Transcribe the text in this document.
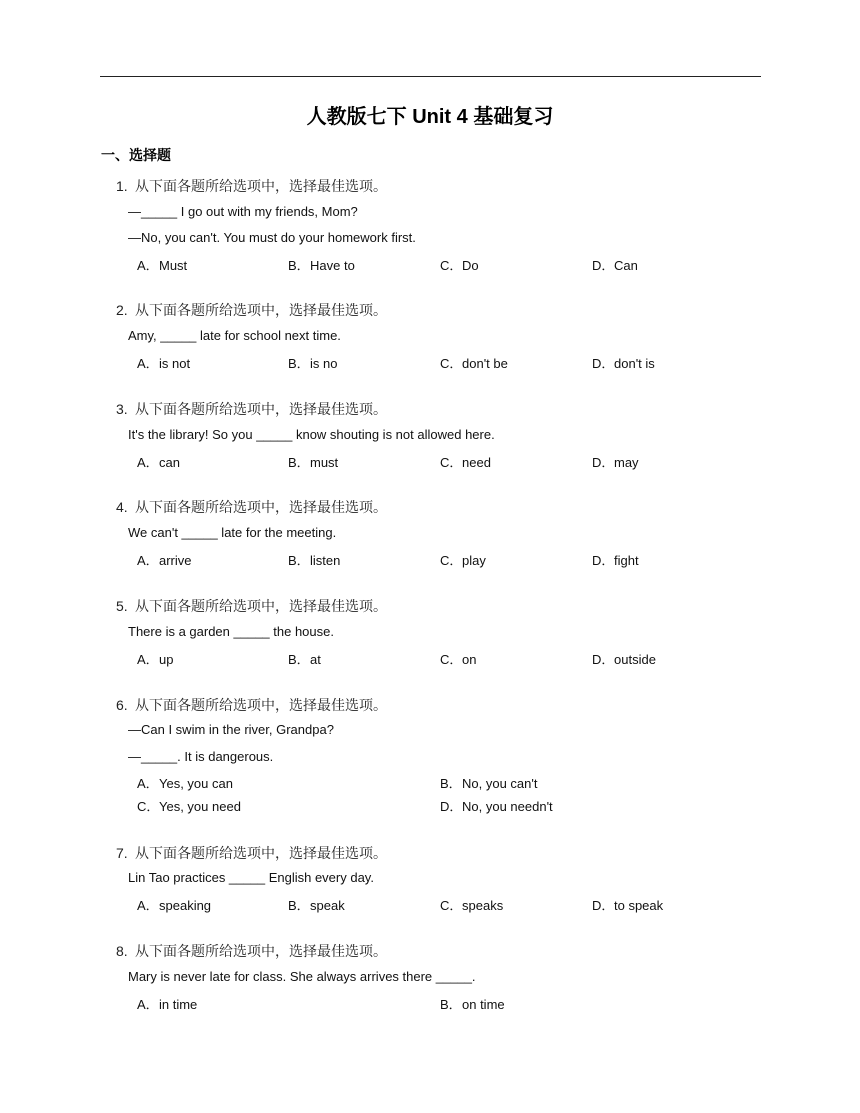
人教版七下 Unit 4 基础复习
一、选择题
1. 从下面各题所给选项中，选择最佳选项。
—_____ I go out with my friends, Mom?
—No, you can't. You must do your homework first.
A．Must	B．Have to	C．Do	D．Can
2. 从下面各题所给选项中，选择最佳选项。
Amy, _____ late for school next time.
A．is not	B．is no	C．don't be	D．don't is
3. 从下面各题所给选项中，选择最佳选项。
It's the library! So you _____ know shouting is not allowed here.
A．can	B．must	C．need	D．may
4. 从下面各题所给选项中，选择最佳选项。
We can't _____ late for the meeting.
A．arrive	B．listen	C．play	D．fight
5. 从下面各题所给选项中，选择最佳选项。
There is a garden _____ the house.
A．up	B．at	C．on	D．outside
6. 从下面各题所给选项中，选择最佳选项。
—Can I swim in the river, Grandpa?
—_____. It is dangerous.
A．Yes, you can	B．No, you can't
C．Yes, you need	D．No, you needn't
7. 从下面各题所给选项中，选择最佳选项。
Lin Tao practices _____ English every day.
A．speaking	B．speak	C．speaks	D．to speak
8. 从下面各题所给选项中，选择最佳选项。
Mary is never late for class. She always arrives there _____.
A．in time	B．on time
